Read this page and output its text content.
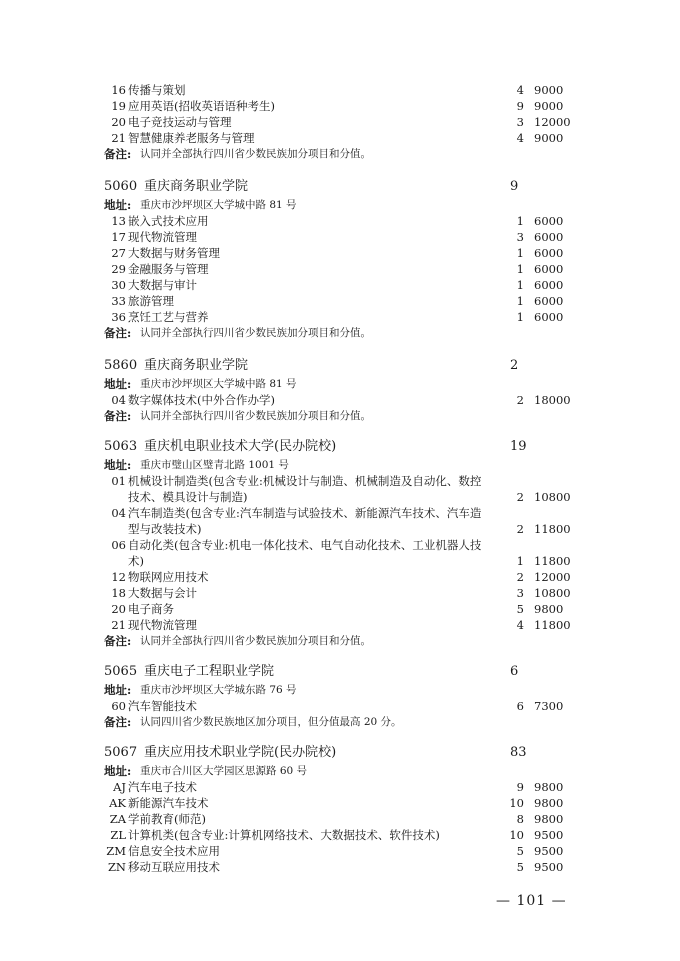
16 传播与策划	4 9000
19 应用英语(招收英语语种考生)	9 9000
20 电子竞技运动与管理	3 12000
21 智慧健康养老服务与管理	4 9000
备注: 认同并全部执行四川省少数民族加分项目和分值。
5060 重庆商务职业学院	9
地址: 重庆市沙坪坝区大学城中路 81 号
13 嵌入式技术应用	1 6000
17 现代物流管理	3 6000
27 大数据与财务管理	1 6000
29 金融服务与管理	1 6000
30 大数据与审计	1 6000
33 旅游管理	1 6000
36 烹饪工艺与营养	1 6000
备注: 认同并全部执行四川省少数民族加分项目和分值。
5860 重庆商务职业学院	2
地址: 重庆市沙坪坝区大学城中路 81 号
04 数字媒体技术(中外合作办学)	2 18000
备注: 认同并全部执行四川省少数民族加分项目和分值。
5063 重庆机电职业技术大学(民办院校)	19
地址: 重庆市璧山区璧青北路 1001 号
01 机械设计制造类(包含专业:机械设计与制造、机械制造及自动化、数控
技术、模具设计与制造)	2 10800
04 汽车制造类(包含专业:汽车制造与试验技术、新能源汽车技术、汽车造
型与改装技术)	2 11800
06 自动化类(包含专业:机电一体化技术、电气自动化技术、工业机器人技
术)	1 11800
12 物联网应用技术	2 12000
18 大数据与会计	3 10800
20 电子商务	5 9800
21 现代物流管理	4 11800
备注: 认同并全部执行四川省少数民族加分项目和分值。
5065 重庆电子工程职业学院	6
地址: 重庆市沙坪坝区大学城东路 76 号
60 汽车智能技术	6 7300
备注: 认同四川省少数民族地区加分项目，但分值最高 20 分。
5067 重庆应用技术职业学院(民办院校)	83
地址: 重庆市合川区大学园区思源路 60 号
AJ 汽车电子技术	9 9800
AK 新能源汽车技术	10 9800
ZA 学前教育(师范)	8 9800
ZL 计算机类(包含专业:计算机网络技术、大数据技术、软件技术)	10 9500
ZM 信息安全技术应用	5 9500
ZN 移动互联应用技术	5 9500
— 101 —
